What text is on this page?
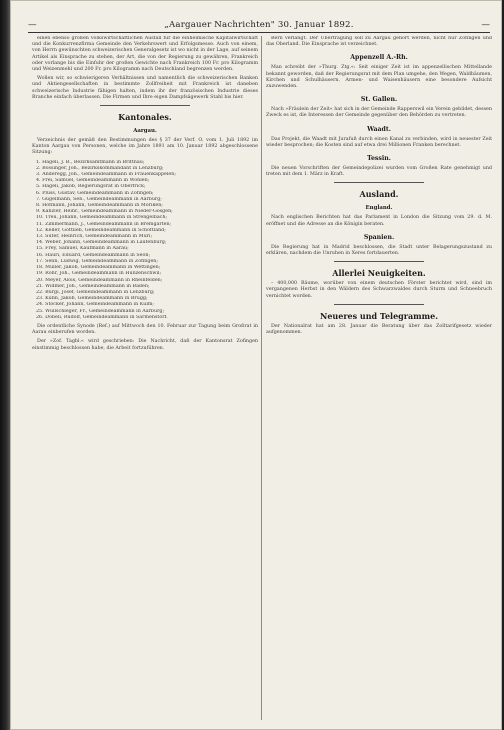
—	„Aargauer Nachrichten" 30. Januar 1892.	—

einen ebenso großen volkswirtschaftlichen Ausfall für die einheimische Kapitalwirtschaft und die Konkurrenzfirma Gemeinde den Verkehrswert und Erfolgsmesse. Auch von einem, von Herrn gewünschten schweizerischen Generalgesetz ist wo nicht in der Lage, auf seinem Artikel als Einsprache zu stehen, der Art, die von der Regierung zu gewähren, Frankreich oder vorlange bis die Einfuhr der großen Gewichte nach Frankreich 100 Fr. pro Kilogramm und Weizenmehl und 200 Fr. pro Kilogramm nach Deutschland begrenzen werden.

Wollen wir, so schwierigeren Verhältnissen und namentlich die schweizerischen Banken und Aktiengesellschaften in bestimmte Zollfreiheit mit Frankreich ist daneben schweizerische Industrie fähigen halten, indem ihr der französischen Industrie dieses Branche einfach überlassen. Die Firmen und Ihre eigen Dampfsägewerk Stahl bis hier.

Kantonales.
Aargau.

Verzeichnis der gemäß den Bestimmungen des § 37 der Verf. O. vom 1. Juli 1892 im Kanton Aargau von Personen, welche im Jahre 1891 am 10. Januar 1892 abgeschlossene Sitzung:

1. Hägeli, J. B., Bezirksamtmann in Brittnau;
2. Bossinger, Joh., Bezirkskommandant in Lenzburg;
3. Anderegg, Joh., Gemeindeammann in Frauenkappelen;
4. Frei, Samuel, Gemeindeammann in Wohlen;
5. Hägeli, Jakob, Regierungsrat in Oberfrick;
6. Plüss, Gustav, Gemeindeammann in Zofingen;
7. Gugelmann, Seb., Gemeindeammann in Aarburg;
8. Hofmann, Johann, Gemeindeammann in Möriken;
9. Kanzler, Heinr., Gemeindeammann in Nieder-Gösgen;
10. Treu, Johann, Gemeindeammann in Strengelbach;
11. Zimmermann, J., Gemeindeammann in Bremgarten;
12. Keller, Gottlieb, Gemeindeammann in Schöftland;
13. Suter, Heinrich, Gemeindeammann in Muri;
14. Weber, Johann, Gemeindeammann in Laufenburg;
15. Frey, Samuel, Kaufmann in Aarau;
16. Hauri, Eduard, Gemeindeammann in Seon;
17. Senn, Ludwig, Gemeindeammann in Zofingen;
18. Müller, Jakob, Gemeindeammann in Wettingen;
19. Rohr, Joh., Gemeindeammann in Hunzenschwil;
20. Meyer, Alois, Gemeindeammann in Rheinfelden;
21. Widmer, Joh., Gemeindeammann in Baden;
22. Bürgi, Josef, Gemeindeammann in Lenzburg;
23. Kuhn, Jakob, Gemeindeammann in Brugg;
24. Stocker, Johann, Gemeindeammann in Kulm;
25. Wullschleger, Fr., Gemeindeammann in Aarburg;
26. Döbeli, Rudolf, Gemeindeammann in Sarmenstorf.

Die ordentliche Synode (Ref.) auf Mittwoch den 10. Februar zur Tagung beim Großrat in Aarau einberufen worden.

Der »Zof. Tagbl.« wird geschrieben: Die Nachricht, daß der Kantonsrat Zofingen einstimmig beschlossen habe, die Arbeit fortzuführen.

Bern verlangt. Der Übertragung soll zu Aargau gehört werden, nicht nur Zofingen und das Oberland. Die Einsprache ist verzeichnet.

Appenzell A.-Rh.

Man schreibt der »Thurg. Ztg.«: Seit einiger Zeit ist im appenzellischen Mittellande bekannt geworden, daß der Regierungsrat mit dem Plan umgehe, den Wegen, Waldbäumen, Kirchen und Schulhäusern, Armen- und Waisenhäusern eine besondere Aufsicht zuzuwenden.

St. Gallen.

Nach »Fräulein der Zeit« hat sich in der Gemeinde Rapperswil ein Verein gebildet, dessen Zweck es ist, die Interessen der Gemeinde gegenüber den Behörden zu vertreten.

Waadt.

Das Projekt, die Waadt mit Jurafuß durch einen Kanal zu verbinden, wird in neuester Zeit wieder besprochen; die Kosten sind auf etwa drei Millionen Franken berechnet.

Tessin.

Die neuen Vorschriften der Gemeindepolizei wurden vom Großen Rate genehmigt und treten mit dem 1. März in Kraft.

Ausland.
England.

Nach englischen Berichten hat das Parlament in London die Sitzung vom 29. d. M. eröffnet und die Adresse an die Königin beraten.

Spanien.

Die Regierung hat in Madrid beschlossen, die Stadt unter Belagerungszustand zu erklären, nachdem die Unruhen in Xeres fortdauerten.

Allerlei Neuigkeiten.

– 400,000 Bäume, worüber von einem deutschen Förster berichtet wird, sind im vergangenen Herbst in den Wäldern des Schwarzwaldes durch Sturm und Schneebruch vernichtet worden.

Neueres und Telegramme.

Der Nationalrat hat am 28. Januar die Beratung über das Zolltarifgesetz wieder aufgenommen.
